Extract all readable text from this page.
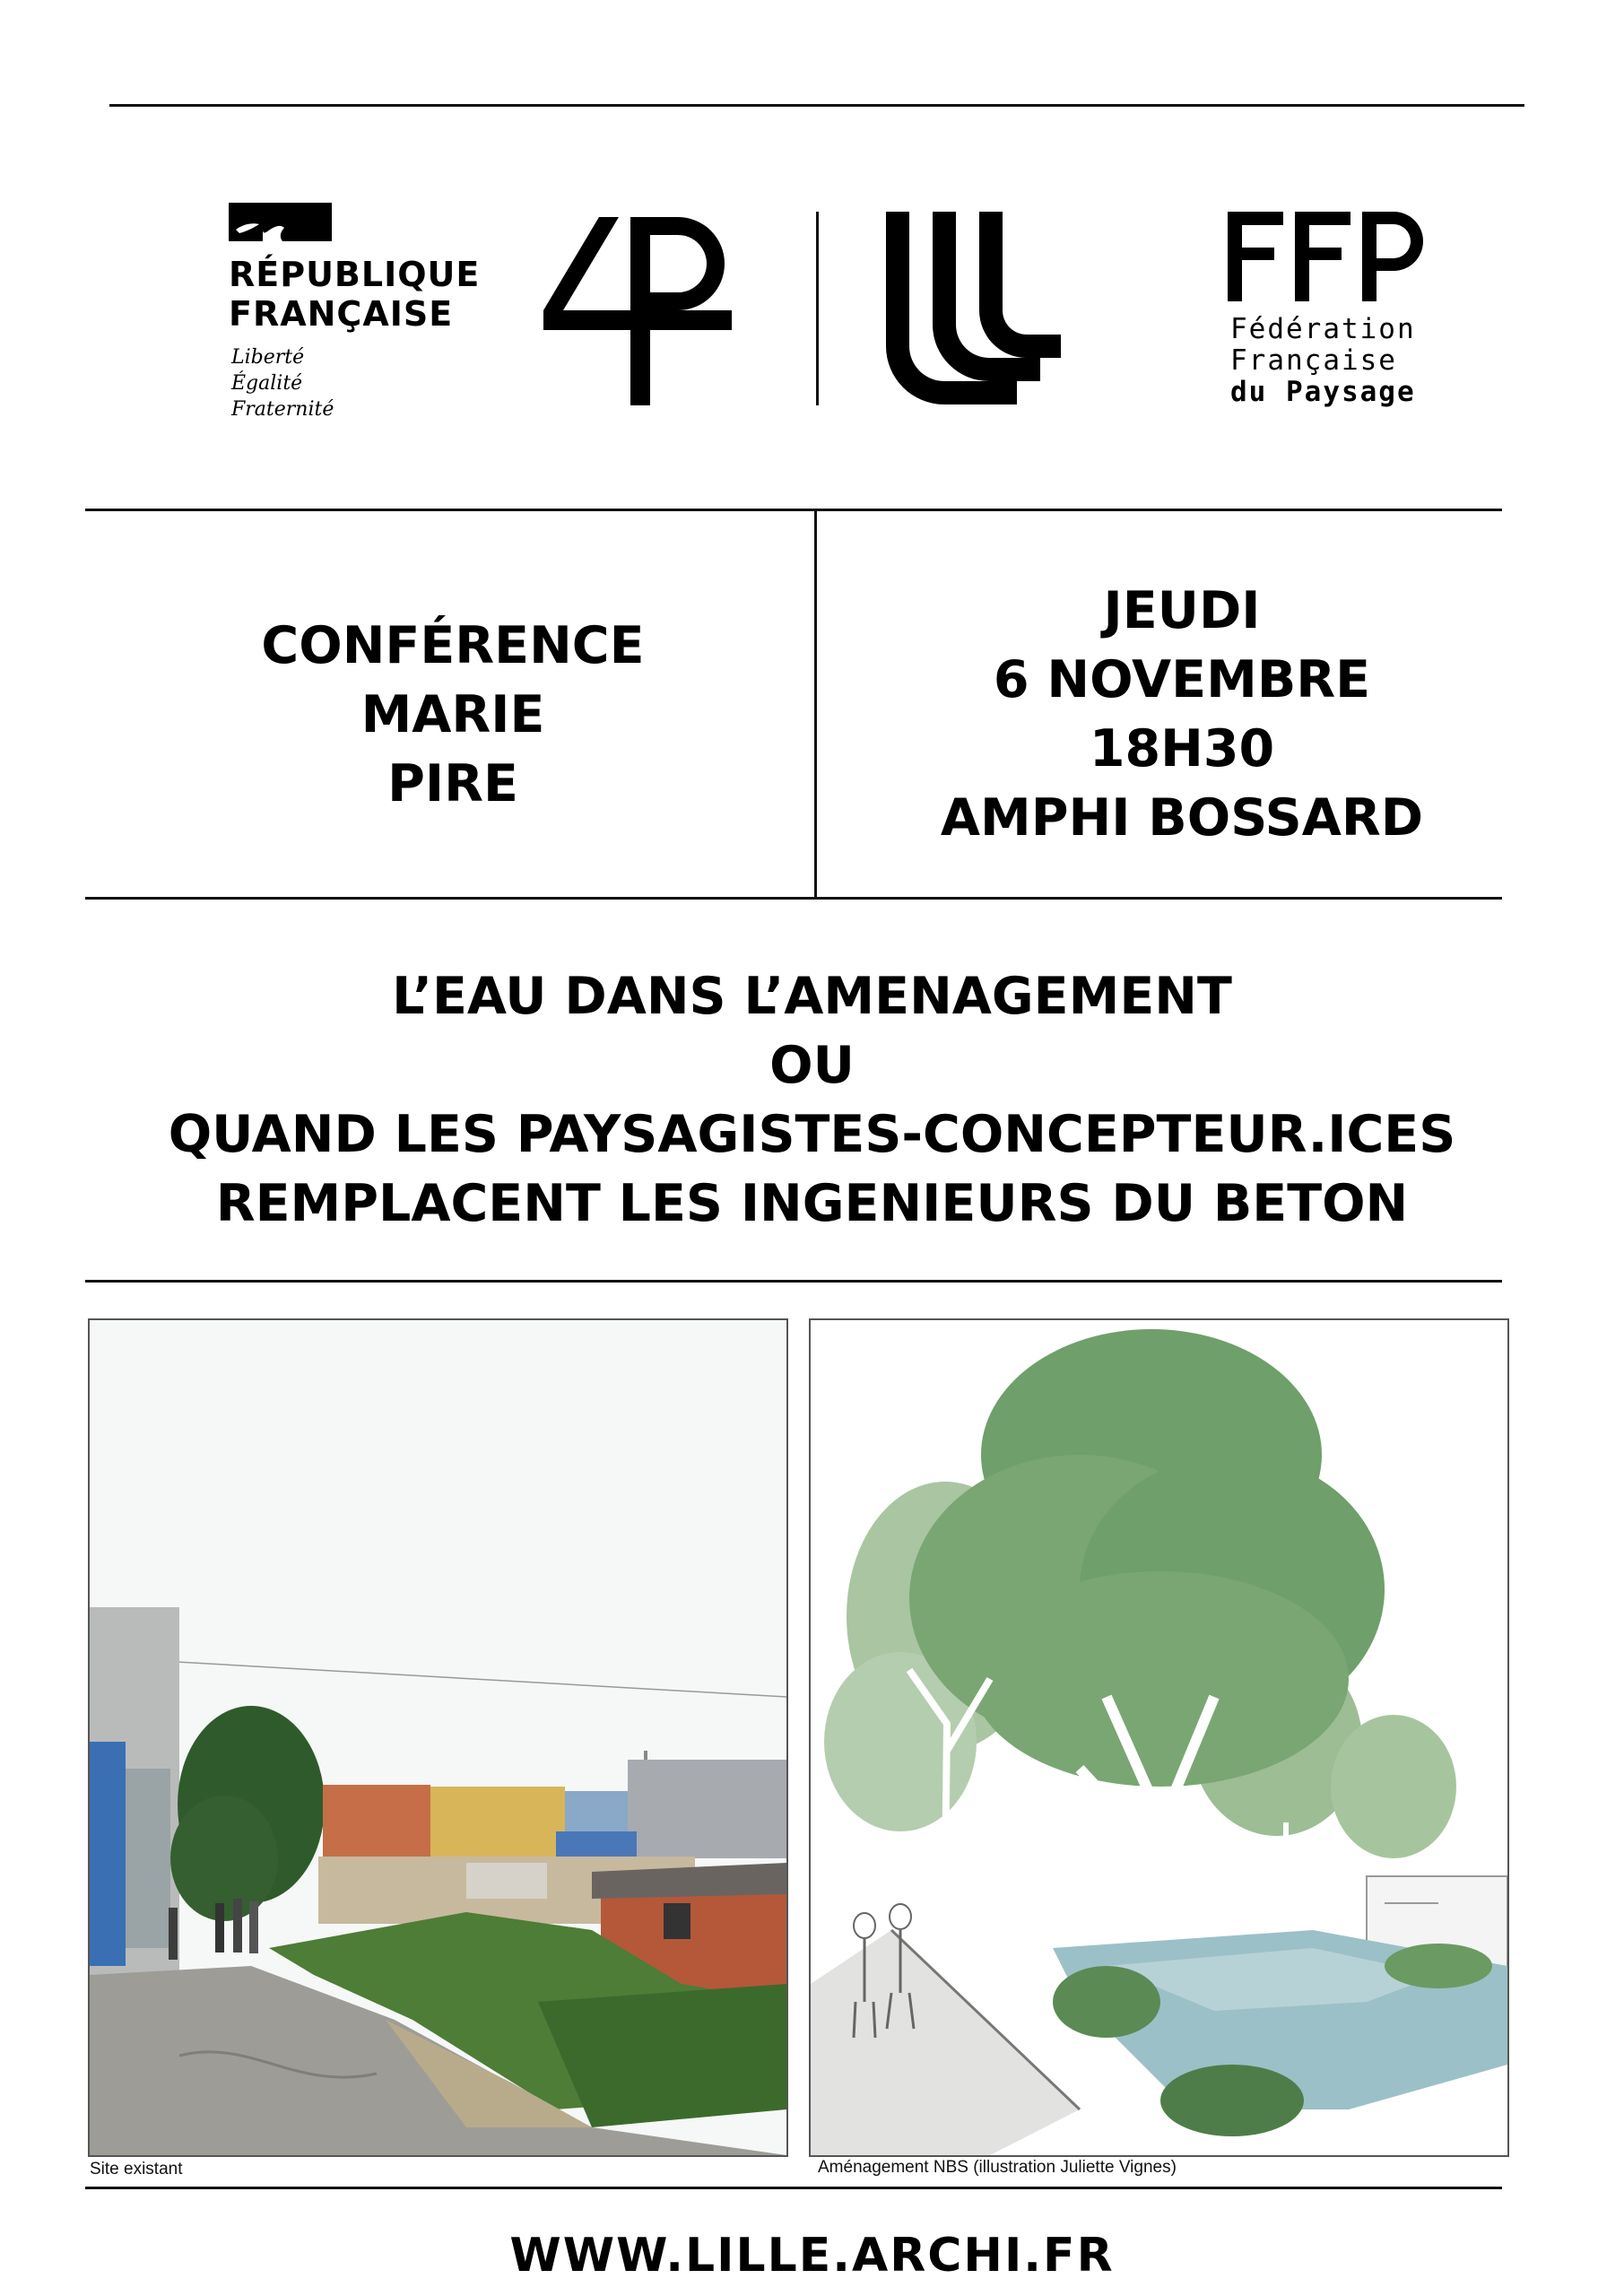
RÉPUBLIQUE
FRANÇAISE
Liberté
Égalité
Fraternité
Fédération
Française
du Paysage
CONFÉRENCE
MARIE
PIRE
JEUDI
6 NOVEMBRE
18H30
AMPHI BOSSARD
L’EAU DANS L’AMENAGEMENT
OU
QUAND LES PAYSAGISTES-CONCEPTEUR.ICES
REMPLACENT LES INGENIEURS DU BETON
Site existant	Aménagement NBS (illustration Juliette Vignes)
WWW.LILLE.ARCHI.FR
